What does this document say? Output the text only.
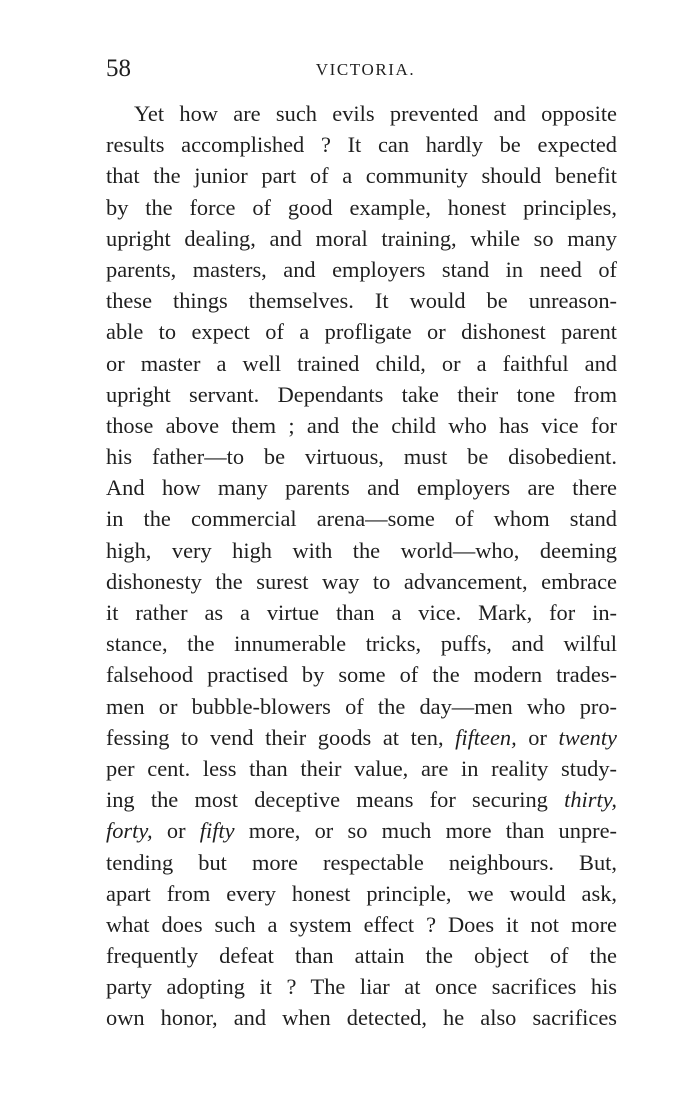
58	VICTORIA.
Yet how are such evils prevented and opposite
results accomplished ? It can hardly be expected
that the junior part of a community should benefit
by the force of good example, honest principles,
upright dealing, and moral training, while so many
parents, masters, and employers stand in need of
these things themselves. It would be unreason-
able to expect of a profligate or dishonest parent
or master a well trained child, or a faithful and
upright servant. Dependants take their tone from
those above them ; and the child who has vice for
his father—to be virtuous, must be disobedient.
And how many parents and employers are there
in the commercial arena—some of whom stand
high, very high with the world—who, deeming
dishonesty the surest way to advancement, embrace
it rather as a virtue than a vice. Mark, for in-
stance, the innumerable tricks, puffs, and wilful
falsehood practised by some of the modern trades-
men or bubble-blowers of the day—men who pro-
fessing to vend their goods at ten, fifteen, or twenty
per cent. less than their value, are in reality study-
ing the most deceptive means for securing thirty,
forty, or fifty more, or so much more than unpre-
tending but more respectable neighbours. But,
apart from every honest principle, we would ask,
what does such a system effect ? Does it not more
frequently defeat than attain the object of the
party adopting it ? The liar at once sacrifices his
own honor, and when detected, he also sacrifices
